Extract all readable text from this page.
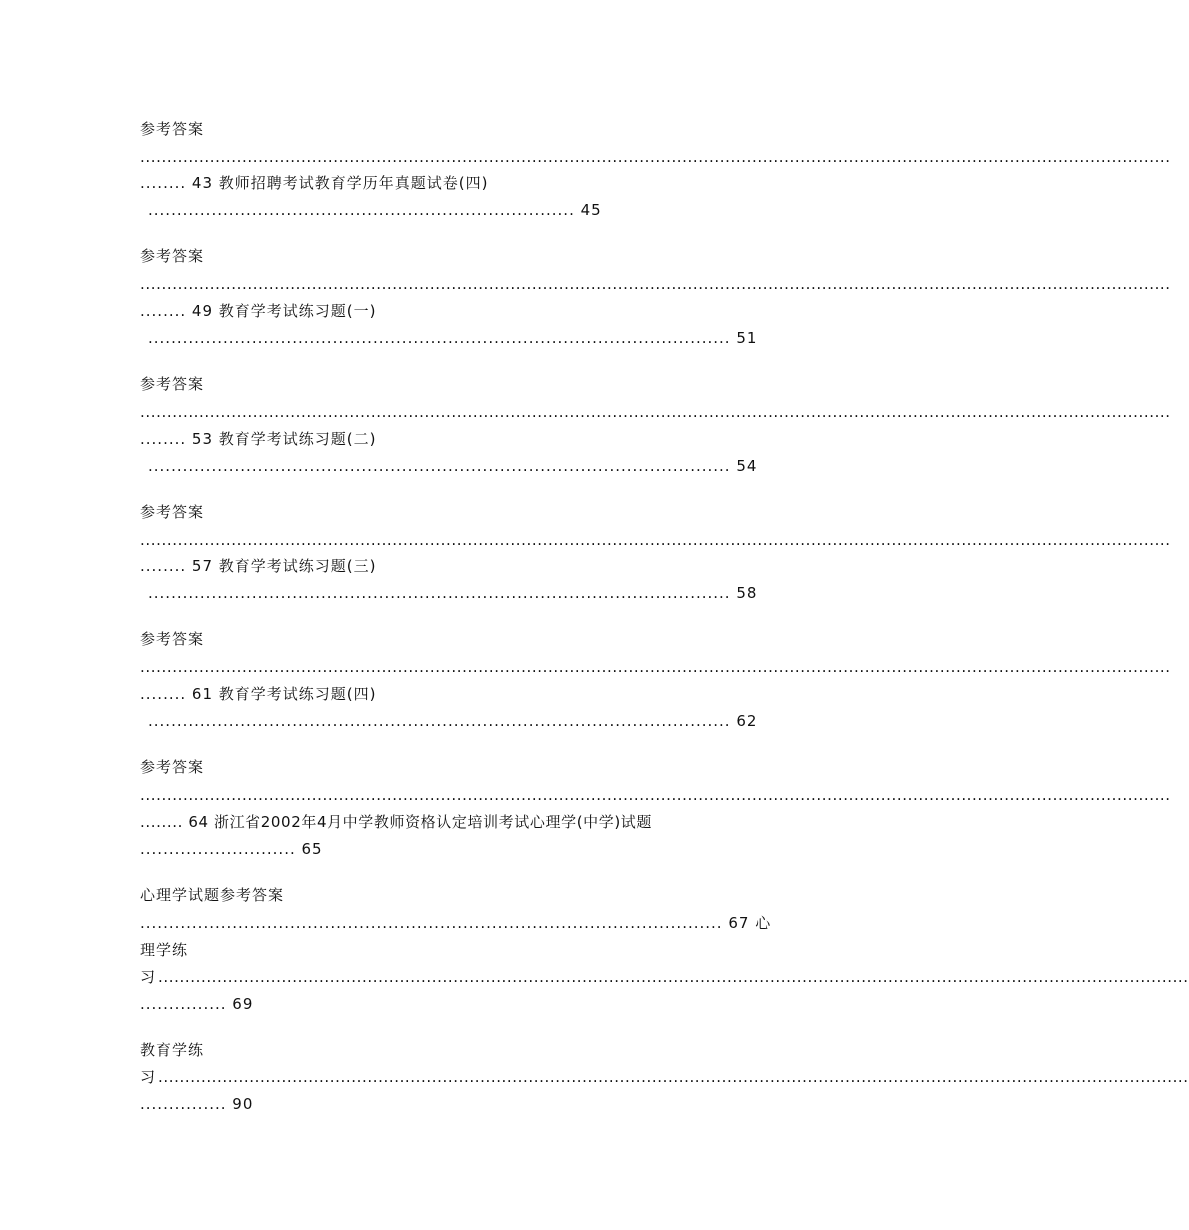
参考答案
................................................................................................................................................................................................
........ 43 教师招聘考试教育学历年真题试卷(四)
.......................................................................... 45
参考答案
................................................................................................................................................................................................
........ 49 教育学考试练习题(一)
..................................................................................................... 51
参考答案
................................................................................................................................................................................................
........ 53 教育学考试练习题(二)
..................................................................................................... 54
参考答案
................................................................................................................................................................................................
........ 57 教育学考试练习题(三)
..................................................................................................... 58
参考答案
................................................................................................................................................................................................
........ 61 教育学考试练习题(四)
..................................................................................................... 62
参考答案
................................................................................................................................................................................................
........ 64 浙江省2002年4月中学教师资格认定培训考试心理学(中学)试题
........................... 65
心理学试题参考答案
..................................................................................................... 67 心
理学练
习 ................................................................................................................................................................................................
............... 69
教育学练
习 ................................................................................................................................................................................................
............... 90
